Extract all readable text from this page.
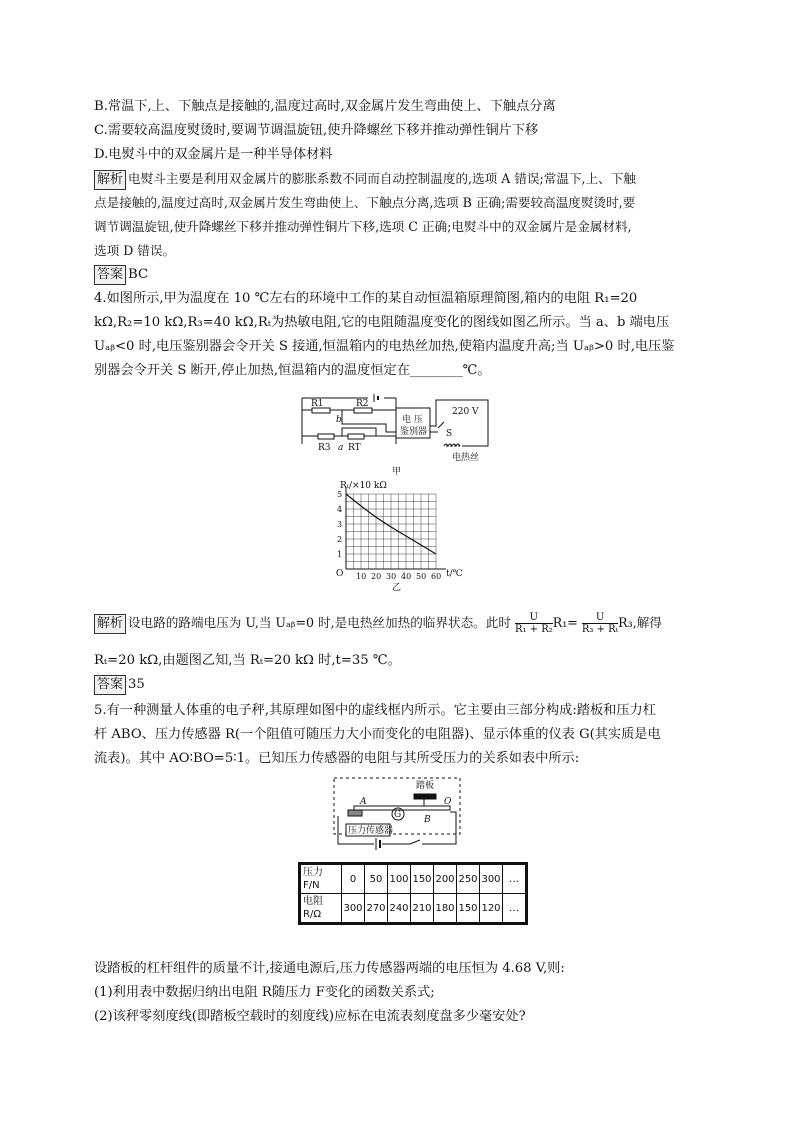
B.常温下,上、下触点是接触的,温度过高时,双金属片发生弯曲使上、下触点分离
C.需要较高温度熨烫时,要调节调温旋钮,使升降螺丝下移并推动弹性铜片下移
D.电熨斗中的双金属片是一种半导体材料
解析 电熨斗主要是利用双金属片的膨胀系数不同而自动控制温度的,选项 A 错误;常温下,上、下触
点是接触的,温度过高时,双金属片发生弯曲使上、下触点分离,选项 B 正确;需要较高温度熨烫时,要
调节调温旋钮,使升降螺丝下移并推动弹性铜片下移,选项 C 正确;电熨斗中的双金属片是金属材料,
选项 D 错误。
答案 BC
4.如图所示,甲为温度在 10 ℃左右的环境中工作的某自动恒温箱原理简图,箱内的电阻 R₁=20
kΩ,R₂=10 kΩ,R₃=40 kΩ,Rₜ为热敏电阻,它的电阻随温度变化的图线如图乙所示。当 a、b 端电压
Uₐᵦ<0 时,电压鉴别器会令开关 S 接通,恒温箱内的电热丝加热,使箱内温度升高;当 Uₐᵦ>0 时,电压鉴
别器会令开关 S 断开,停止加热,恒温箱内的温度恒定在________℃。
R1	R2
b
R3 a RT
电 压
鉴别器
220 V
S
电热丝
甲
Rₜ/×10 kΩ
t/℃
O
乙
10 20 30 40 50 60
1
2
3
4
5
解析 设电路的路端电压为 U,当 Uₐᵦ=0 时,是电热丝加热的临界状态。此时 $\frac{U}{\text{R₁ + R₂}} R_1= \frac{U}{\text{R₃ + Rₜ}} R_3$,解得
Rₜ=20 kΩ,由题图乙知,当 Rₜ=20 kΩ 时,t=35 ℃。
答案 35
5.有一种测量人体重的电子秤,其原理如图中的虚线框内所示。它主要由三部分构成:踏板和压力杠
杆 ABO、压力传感器 R(一个阻值可随压力大小而变化的电阻器)、显示体重的仪表 G(其实质是电
流表)。其中 AO∶BO=5∶1。已知压力传感器的电阻与其所受压力的关系如表中所示:
踏板
A
B
O
G
压力传感器
压力
F/N	0	50	100	150	200	250	300	…
电阻
R/Ω	300	270	240	210	180	150	120	…
设踏板的杠杆组件的质量不计,接通电源后,压力传感器两端的电压恒为 4.68 V,则:
(1)利用表中数据归纳出电阻 R随压力 F变化的函数关系式;
(2)该秤零刻度线(即踏板空载时的刻度线)应标在电流表刻度盘多少毫安处?
